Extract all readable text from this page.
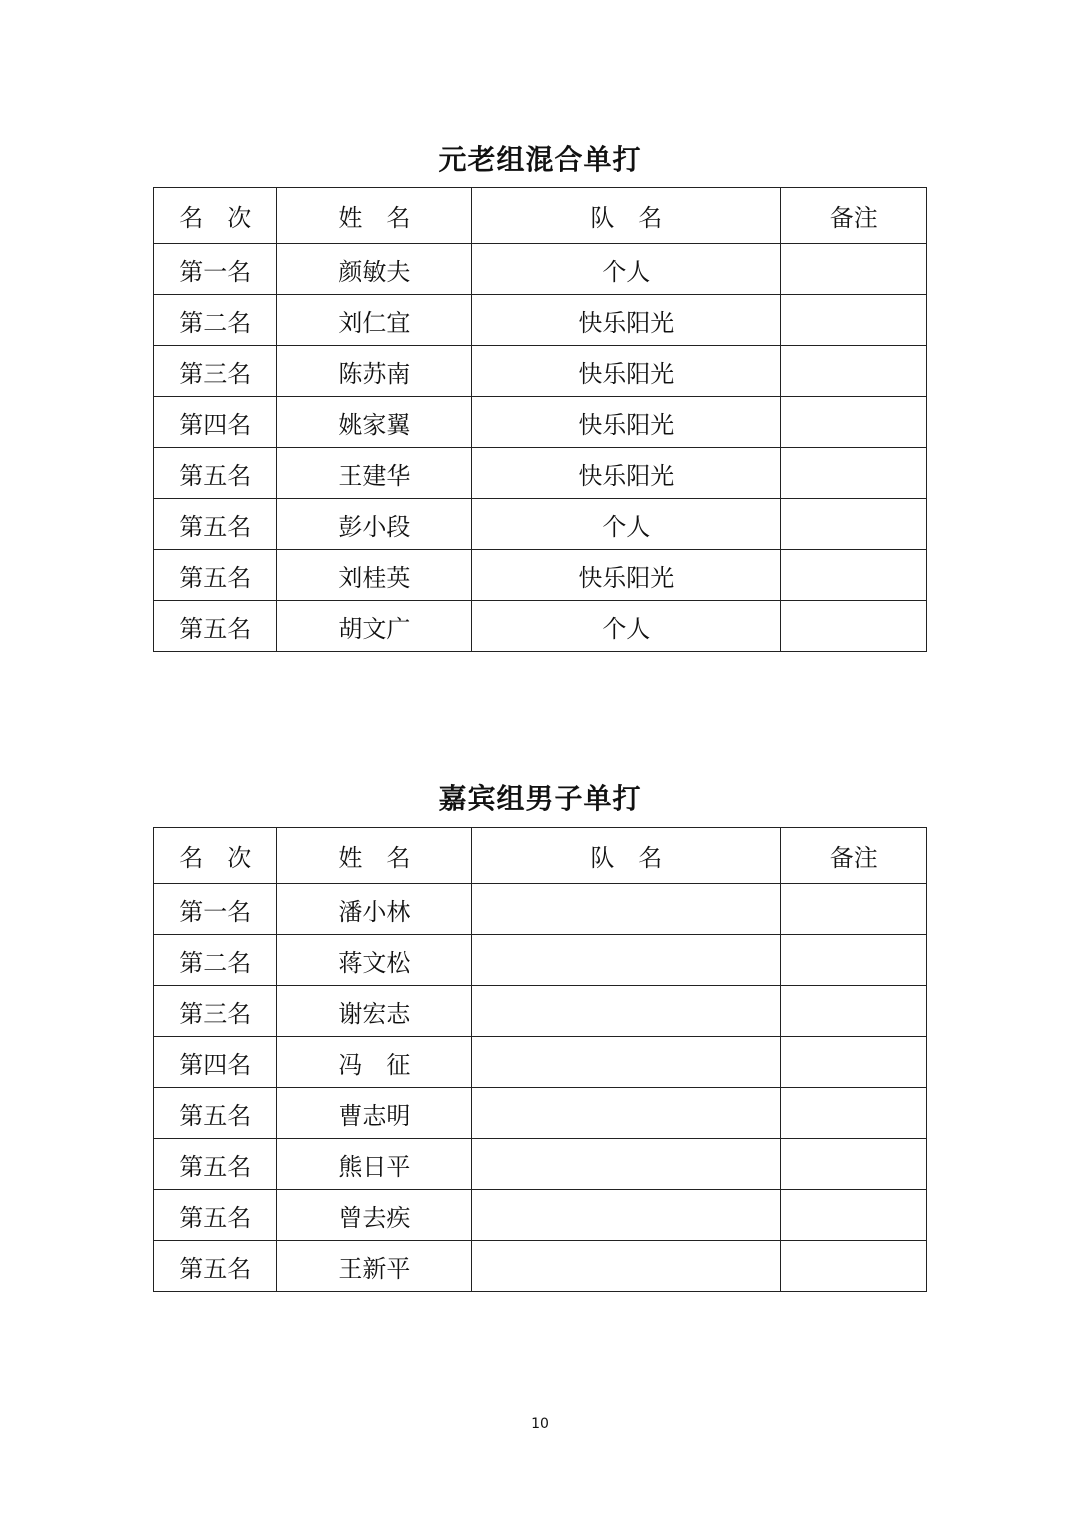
元老组混合单打
名　次	姓　名	队　名	备注
第一名	颜敏夫	个人	
第二名	刘仁宜	快乐阳光	
第三名	陈苏南	快乐阳光	
第四名	姚家翼	快乐阳光	
第五名	王建华	快乐阳光	
第五名	彭小段	个人	
第五名	刘桂英	快乐阳光	
第五名	胡文广	个人	
嘉宾组男子单打
名　次	姓　名	队　名	备注
第一名	潘小林		
第二名	蒋文松		
第三名	谢宏志		
第四名	冯　征		
第五名	曹志明		
第五名	熊日平		
第五名	曾去疾		
第五名	王新平		
10
